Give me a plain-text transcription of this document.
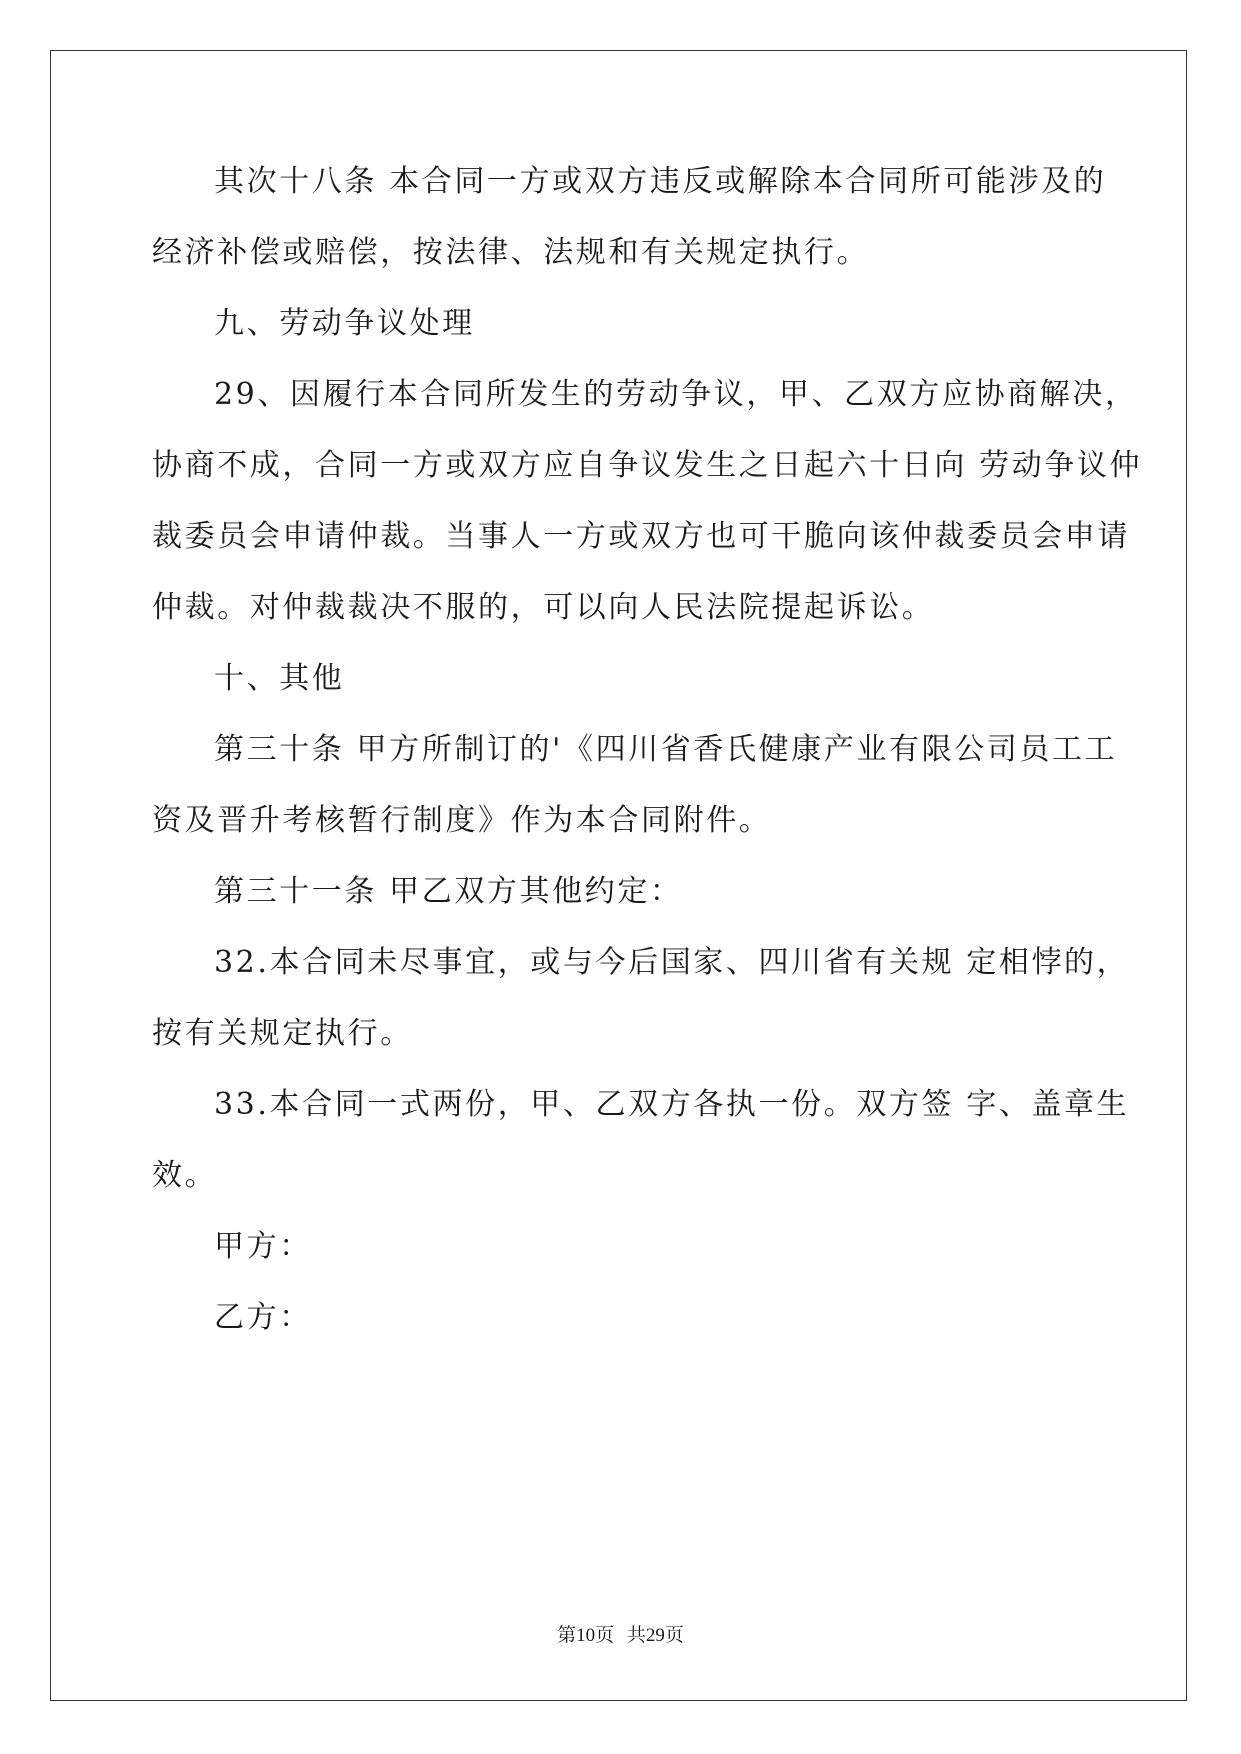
其次十八条 本合同一方或双方违反或解除本合同所可能涉及的
经济补偿或赔偿，按法律、法规和有关规定执行。
九、劳动争议处理
29、因履行本合同所发生的劳动争议，甲、乙双方应协商解决，
协商不成，合同一方或双方应自争议发生之日起六十日向 劳动争议仲
裁委员会申请仲裁。当事人一方或双方也可干脆向该仲裁委员会申请
仲裁。对仲裁裁决不服的，可以向人民法院提起诉讼。
十、其他
第三十条 甲方所制订的'《四川省香氏健康产业有限公司员工工
资及晋升考核暂行制度》作为本合同附件。
第三十一条 甲乙双方其他约定：
32.本合同未尽事宜，或与今后国家、四川省有关规 定相悖的，
按有关规定执行。
33.本合同一式两份，甲、乙双方各执一份。双方签 字、盖章生
效。
甲方：
乙方：
第10页 共29页
